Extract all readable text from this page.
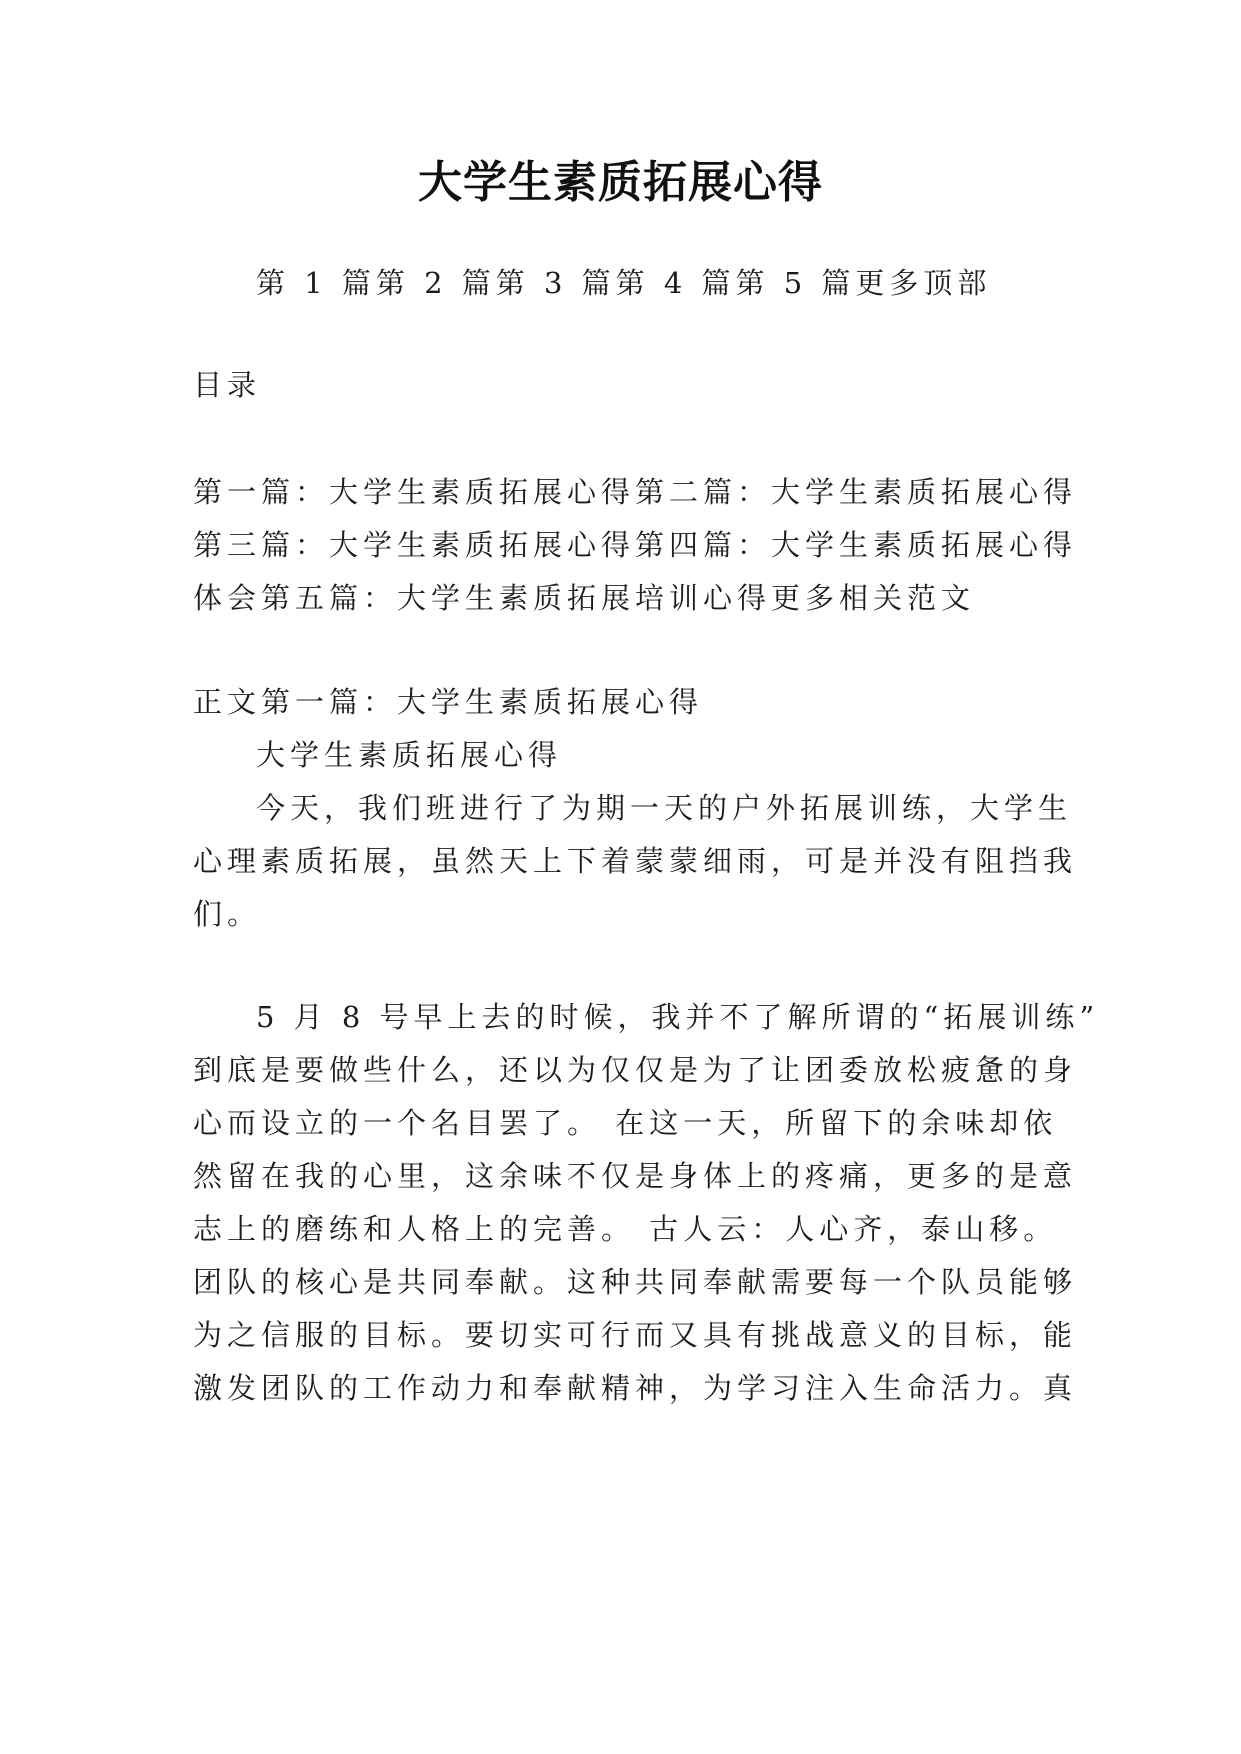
大学生素质拓展心得
第 1 篇第 2 篇第 3 篇第 4 篇第 5 篇更多顶部
目录
第一篇：大学生素质拓展心得第二篇：大学生素质拓展心得
第三篇：大学生素质拓展心得第四篇：大学生素质拓展心得
体会第五篇：大学生素质拓展培训心得更多相关范文
正文第一篇：大学生素质拓展心得
大学生素质拓展心得
今天，我们班进行了为期一天的户外拓展训练，大学生
心理素质拓展，虽然天上下着蒙蒙细雨，可是并没有阻挡我
们。
5 月 8 号早上去的时候，我并不了解所谓的“拓展训练”
到底是要做些什么，还以为仅仅是为了让团委放松疲惫的身
心而设立的一个名目罢了。 在这一天，所留下的余味却依
然留在我的心里，这余味不仅是身体上的疼痛，更多的是意
志上的磨练和人格上的完善。 古人云：人心齐，泰山移。
团队的核心是共同奉献。这种共同奉献需要每一个队员能够
为之信服的目标。要切实可行而又具有挑战意义的目标，能
激发团队的工作动力和奉献精神，为学习注入生命活力。真
